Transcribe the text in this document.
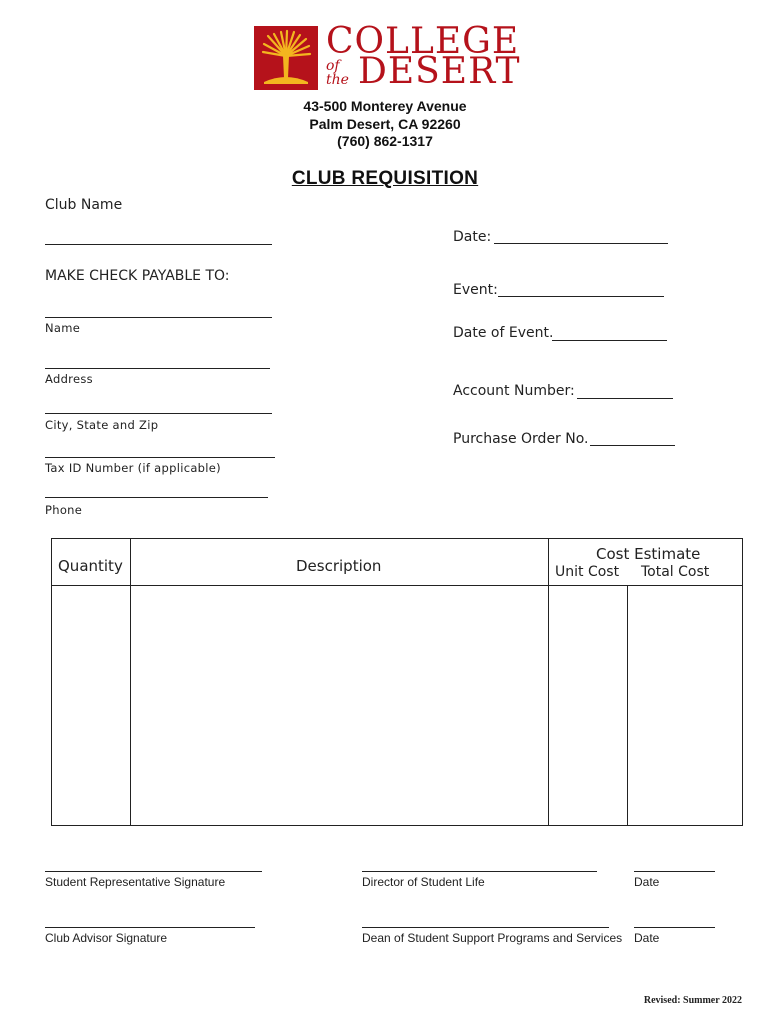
COLLEGE
of
the DESERT
43-500 Monterey Avenue
Palm Desert, CA 92260
(760) 862-1317
CLUB REQUISITION
Club Name
MAKE CHECK PAYABLE TO:
Name
Address
City, State and Zip
Tax ID Number (if applicable)
Phone
Date:
Event:
Date of Event.
Account Number:
Purchase Order No.
Quantity	Description
Cost Estimate
Unit Cost Total Cost
Student Representative Signature	Director of Student Life	Date
Club Advisor Signature	Dean of Student Support Programs and Services Date
Revised: Summer 2022
